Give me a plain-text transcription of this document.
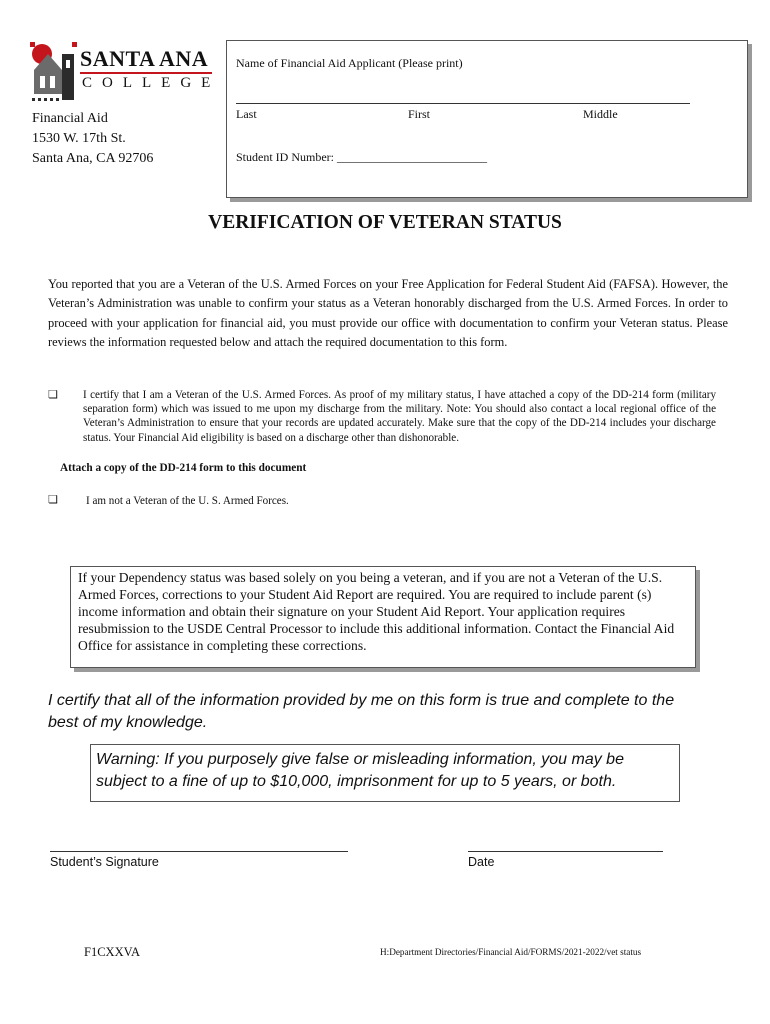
SANTA ANA
COLLEGE
Financial Aid
1530 W. 17th St.
Santa Ana, CA 92706
Name of Financial Aid Applicant (Please print)
Last	First	Middle
Student ID Number: _________________________
VERIFICATION OF VETERAN STATUS
You reported that you are a Veteran of the U.S. Armed Forces on your Free Application for Federal Student Aid (FAFSA). However, the Veteran’s Administration was unable to confirm your status as a Veteran honorably discharged from the U.S. Armed Forces. In order to proceed with your application for financial aid, you must provide our office with documentation to confirm your Veteran status. Please reviews the information requested below and attach the required documentation to this form.
❏ I certify that I am a Veteran of the U.S. Armed Forces. As proof of my military status, I have attached a copy of the DD-214 form (military separation form) which was issued to me upon my discharge from the military. Note: You should also contact a local regional office of the Veteran’s Administration to ensure that your records are updated accurately. Make sure that the copy of the DD-214 includes your discharge status. Your Financial Aid eligibility is based on a discharge other than dishonorable.
Attach a copy of the DD-214 form to this document
❏	I am not a Veteran of the U. S. Armed Forces.
If your Dependency status was based solely on you being a veteran, and if you are not a Veteran of the U.S. Armed Forces, corrections to your Student Aid Report are required. You are required to include parent (s) income information and obtain their signature on your Student Aid Report. Your application requires resubmission to the USDE Central Processor to include this additional information. Contact the Financial Aid Office for assistance in completing these corrections.
I certify that all of the information provided by me on this form is true and complete to the best of my knowledge.
Warning: If you purposely give false or misleading information, you may be subject to a fine of up to $10,000, imprisonment for up to 5 years, or both.
Student’s Signature	Date
F1CXXVA	H:Department Directories/Financial Aid/FORMS/2021-2022/vet status
